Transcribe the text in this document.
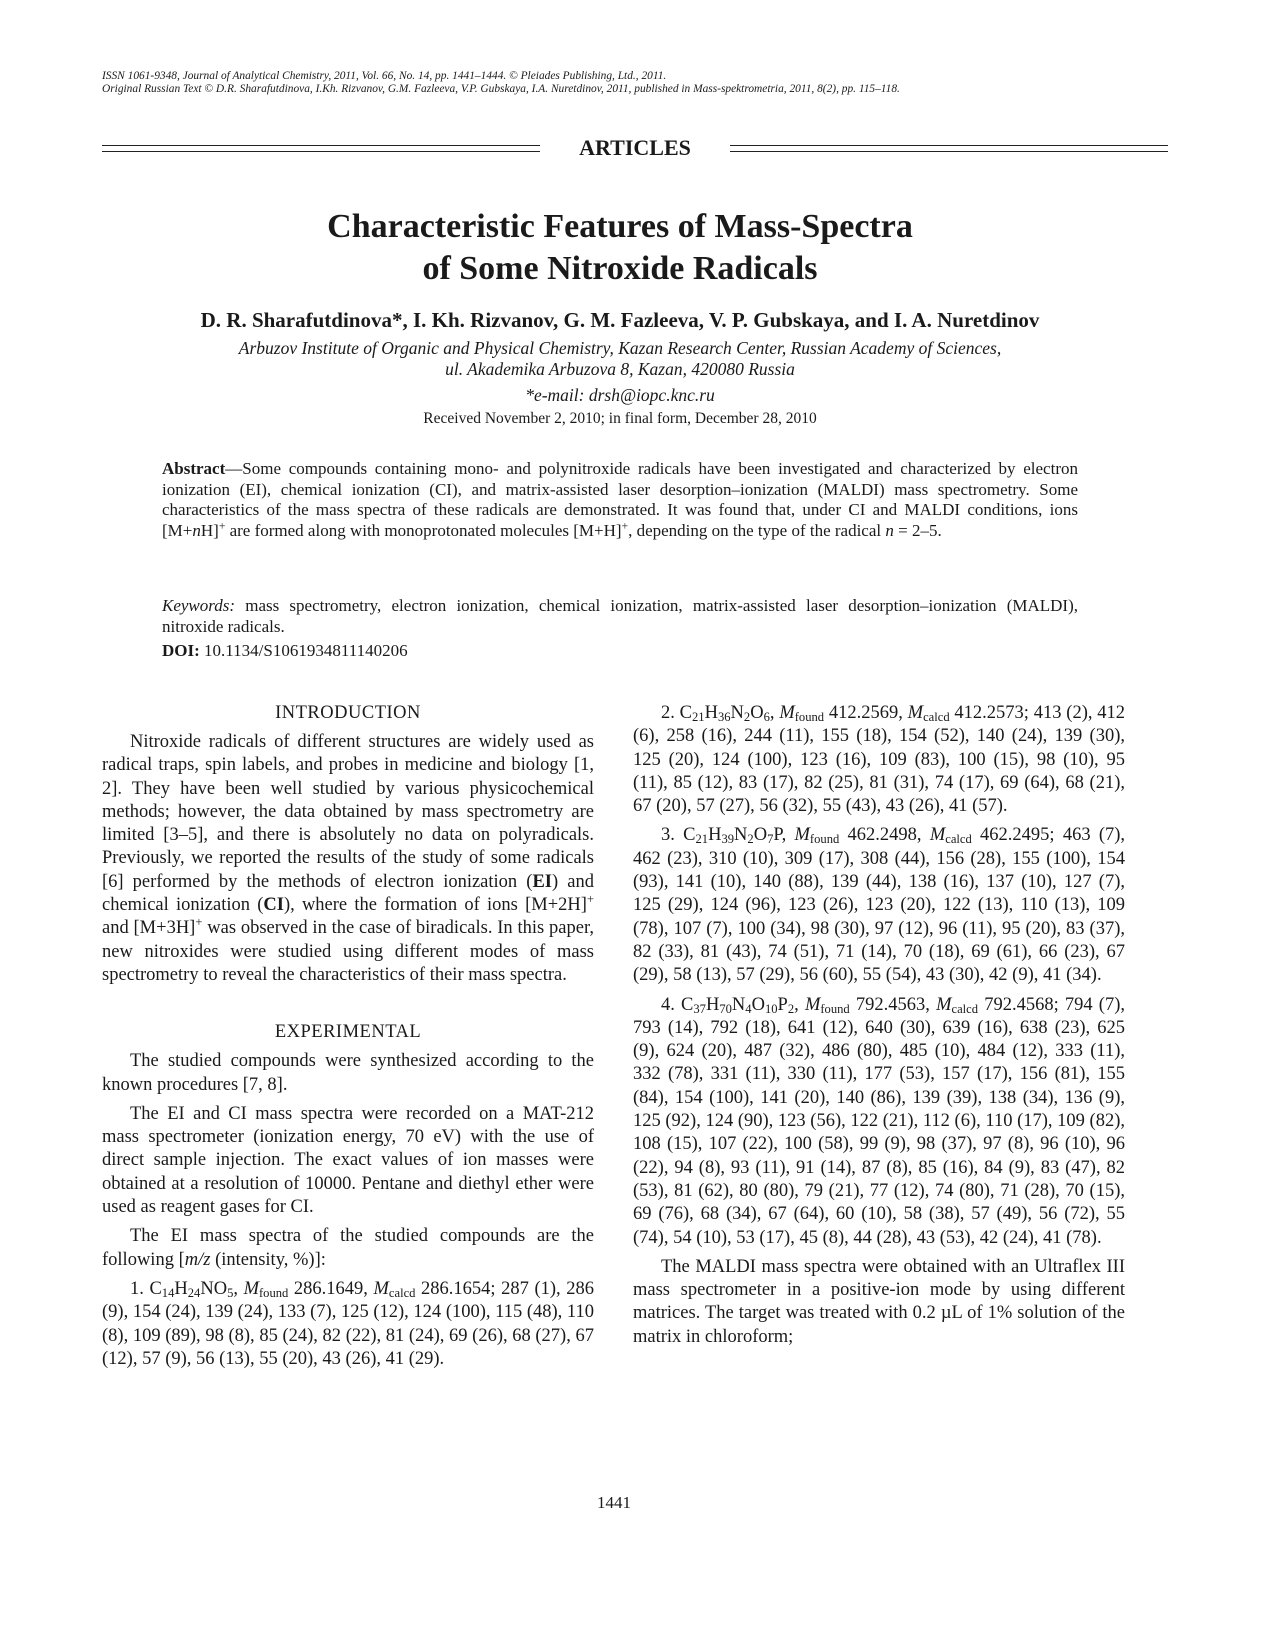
ISSN 1061-9348, Journal of Analytical Chemistry, 2011, Vol. 66, No. 14, pp. 1441–1444. © Pleiades Publishing, Ltd., 2011.
Original Russian Text © D.R. Sharafutdinova, I.Kh. Rizvanov, G.M. Fazleeva, V.P. Gubskaya, I.A. Nuretdinov, 2011, published in Mass-spektrometria, 2011, 8(2), pp. 115–118.
ARTICLES
Characteristic Features of Mass-Spectra
of Some Nitroxide Radicals
D. R. Sharafutdinova*, I. Kh. Rizvanov, G. M. Fazleeva, V. P. Gubskaya, and I. A. Nuretdinov
Arbuzov Institute of Organic and Physical Chemistry, Kazan Research Center, Russian Academy of Sciences,
ul. Akademika Arbuzova 8, Kazan, 420080 Russia
*e-mail: drsh@iopc.knc.ru
Received November 2, 2010; in final form, December 28, 2010
Abstract—Some compounds containing mono- and polynitroxide radicals have been investigated and characterized by electron ionization (EI), chemical ionization (CI), and matrix-assisted laser desorption–ionization (MALDI) mass spectrometry. Some characteristics of the mass spectra of these radicals are demonstrated. It was found that, under CI and MALDI conditions, ions [M+nH]+ are formed along with monoprotonated molecules [M+H]+, depending on the type of the radical n = 2–5.
Keywords: mass spectrometry, electron ionization, chemical ionization, matrix-assisted laser desorption–ionization (MALDI), nitroxide radicals.
DOI: 10.1134/S1061934811140206
INTRODUCTION
Nitroxide radicals of different structures are widely used as radical traps, spin labels, and probes in medicine and biology [1, 2]. They have been well studied by various physicochemical methods; however, the data obtained by mass spectrometry are limited [3–5], and there is absolutely no data on polyradicals. Previously, we reported the results of the study of some radicals [6] performed by the methods of electron ionization (EI) and chemical ionization (CI), where the formation of ions [M+2H]+ and [M+3H]+ was observed in the case of biradicals. In this paper, new nitroxides were studied using different modes of mass spectrometry to reveal the characteristics of their mass spectra.
EXPERIMENTAL
The studied compounds were synthesized according to the known procedures [7, 8].
The EI and CI mass spectra were recorded on a MAT-212 mass spectrometer (ionization energy, 70 eV) with the use of direct sample injection. The exact values of ion masses were obtained at a resolution of 10000. Pentane and diethyl ether were used as reagent gases for CI.
The EI mass spectra of the studied compounds are the following [m/z (intensity, %)]:
1. $C_{14}H_{24}NO_5$, $M_{found}$ 286.1649, $M_{calcd}$ 286.1654; 287 (1), 286 (9), 154 (24), 139 (24), 133 (7), 125 (12), 124 (100), 115 (48), 110 (8), 109 (89), 98 (8), 85 (24), 82 (22), 81 (24), 69 (26), 68 (27), 67 (12), 57 (9), 56 (13), 55 (20), 43 (26), 41 (29).
2. $C_{21}H_{36}N_2O_6$, $M_{found}$ 412.2569, $M_{calcd}$ 412.2573; 413 (2), 412 (6), 258 (16), 244 (11), 155 (18), 154 (52), 140 (24), 139 (30), 125 (20), 124 (100), 123 (16), 109 (83), 100 (15), 98 (10), 95 (11), 85 (12), 83 (17), 82 (25), 81 (31), 74 (17), 69 (64), 68 (21), 67 (20), 57 (27), 56 (32), 55 (43), 43 (26), 41 (57).
3. $C_{21}H_{39}N_2O_7P$, $M_{found}$ 462.2498, $M_{calcd}$ 462.2495; 463 (7), 462 (23), 310 (10), 309 (17), 308 (44), 156 (28), 155 (100), 154 (93), 141 (10), 140 (88), 139 (44), 138 (16), 137 (10), 127 (7), 125 (29), 124 (96), 123 (26), 123 (20), 122 (13), 110 (13), 109 (78), 107 (7), 100 (34), 98 (30), 97 (12), 96 (11), 95 (20), 83 (37), 82 (33), 81 (43), 74 (51), 71 (14), 70 (18), 69 (61), 66 (23), 67 (29), 58 (13), 57 (29), 56 (60), 55 (54), 43 (30), 42 (9), 41 (34).
4. $C_{37}H_{70}N_4O_{10}P_2$, $M_{found}$ 792.4563, $M_{calcd}$ 792.4568; 794 (7), 793 (14), 792 (18), 641 (12), 640 (30), 639 (16), 638 (23), 625 (9), 624 (20), 487 (32), 486 (80), 485 (10), 484 (12), 333 (11), 332 (78), 331 (11), 330 (11), 177 (53), 157 (17), 156 (81), 155 (84), 154 (100), 141 (20), 140 (86), 139 (39), 138 (34), 136 (9), 125 (92), 124 (90), 123 (56), 122 (21), 112 (6), 110 (17), 109 (82), 108 (15), 107 (22), 100 (58), 99 (9), 98 (37), 97 (8), 96 (10), 96 (22), 94 (8), 93 (11), 91 (14), 87 (8), 85 (16), 84 (9), 83 (47), 82 (53), 81 (62), 80 (80), 79 (21), 77 (12), 74 (80), 71 (28), 70 (15), 69 (76), 68 (34), 67 (64), 60 (10), 58 (38), 57 (49), 56 (72), 55 (74), 54 (10), 53 (17), 45 (8), 44 (28), 43 (53), 42 (24), 41 (78).
The MALDI mass spectra were obtained with an Ultraflex III mass spectrometer in a positive-ion mode by using different matrices. The target was treated with 0.2 µL of 1% solution of the matrix in chloroform;
1441
